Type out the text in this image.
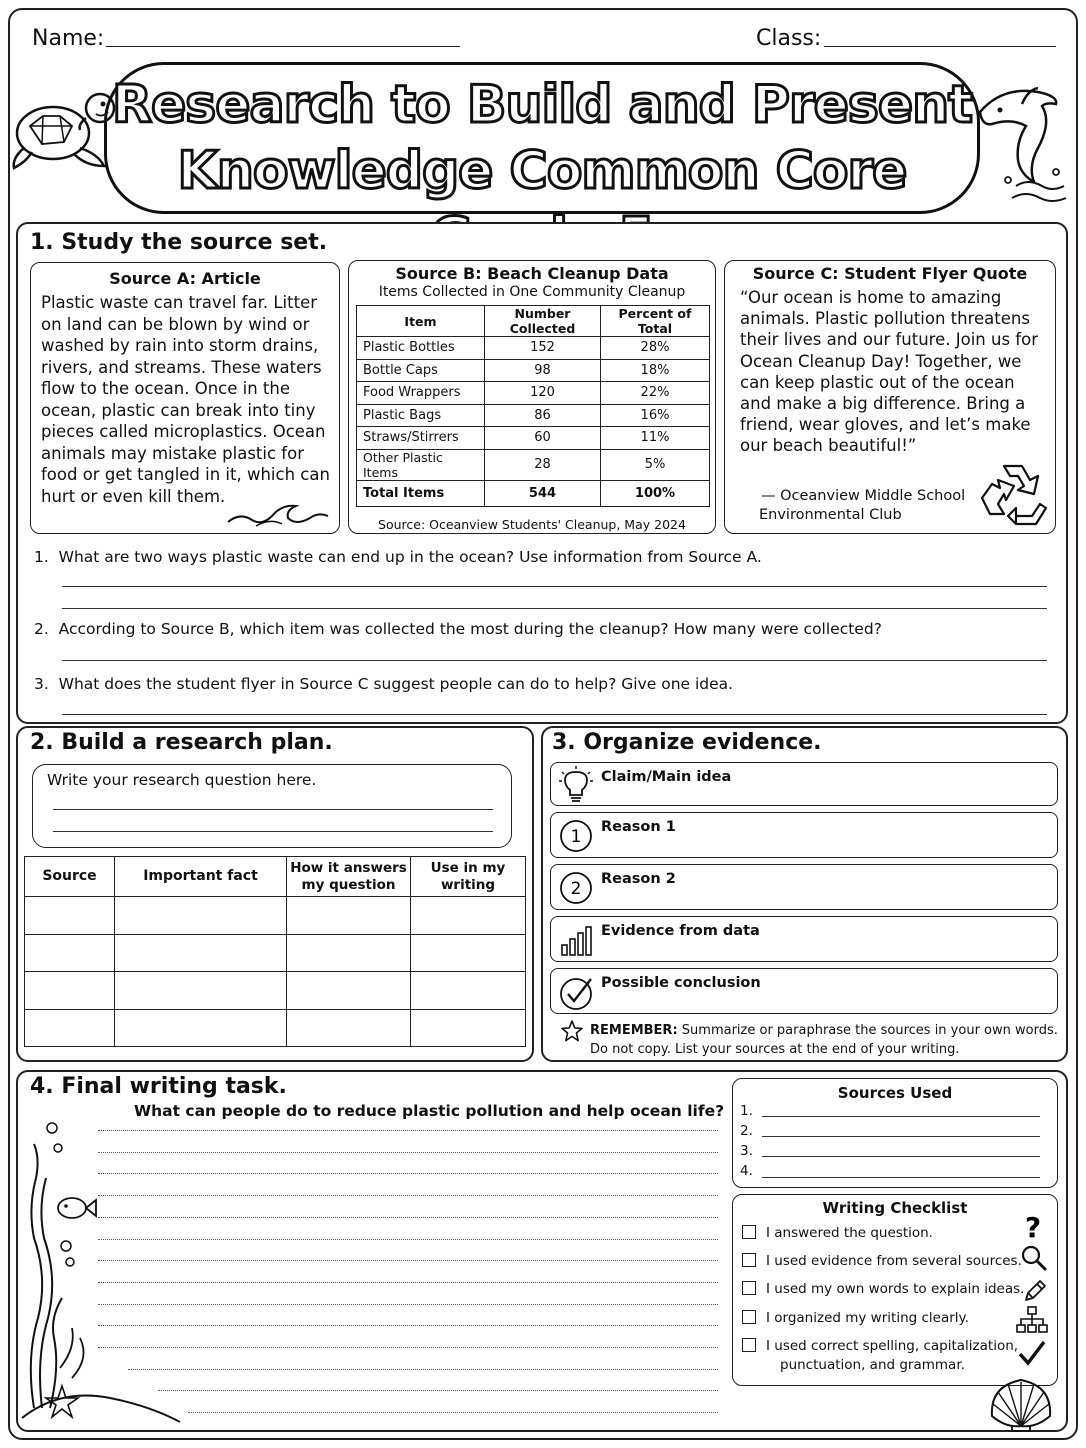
Name:	Class:
Research to Build and Present
Knowledge Common Core
1. Study the source set.
Source A: Article
Plastic waste can travel far. Litter on land can be blown by wind or washed by rain into storm drains, rivers, and streams. These waters flow to the ocean. Once in the ocean, plastic can break into tiny pieces called microplastics. Ocean animals may mistake plastic for food or get tangled in it, which can hurt or even kill them.
Source B: Beach Cleanup Data
Items Collected in One Community Cleanup
Item	Number Collected	Percent of Total
Plastic Bottles	152	28%
Bottle Caps	98	18%
Food Wrappers	120	22%
Plastic Bags	86	16%
Straws/Stirrers	60	11%
Other Plastic Items	28	5%
Total Items	544	100%
Source: Oceanview Students' Cleanup, May 2024
Source C: Student Flyer Quote
“Our ocean is home to amazing animals. Plastic pollution threatens their lives and our future. Join us for Ocean Cleanup Day! Together, we can keep plastic out of the ocean and make a big difference. Bring a friend, wear gloves, and let’s make our beach beautiful!”
— Oceanview Middle School
Environmental Club
1. What are two ways plastic waste can end up in the ocean? Use information from Source A.
2. According to Source B, which item was collected the most during the cleanup? How many were collected?
3. What does the student flyer in Source C suggest people can do to help? Give one idea.
2. Build a research plan.
Write your research question here.
Source	Important fact	How it answers my question	Use in my writing

3. Organize evidence.
Claim/Main idea
1 Reason 1
2 Reason 2
Evidence from data
Possible conclusion
REMEMBER: Summarize or paraphrase the sources in your own words.
Do not copy. List your sources at the end of your writing.
4. Final writing task.
What can people do to reduce plastic pollution and help ocean life?
Sources Used
1.
2.
3.
4.
Writing Checklist
I answered the question.
I used evidence from several sources.
I used my own words to explain ideas.
I organized my writing clearly.
I used correct spelling, capitalization,
punctuation, and grammar.
?
